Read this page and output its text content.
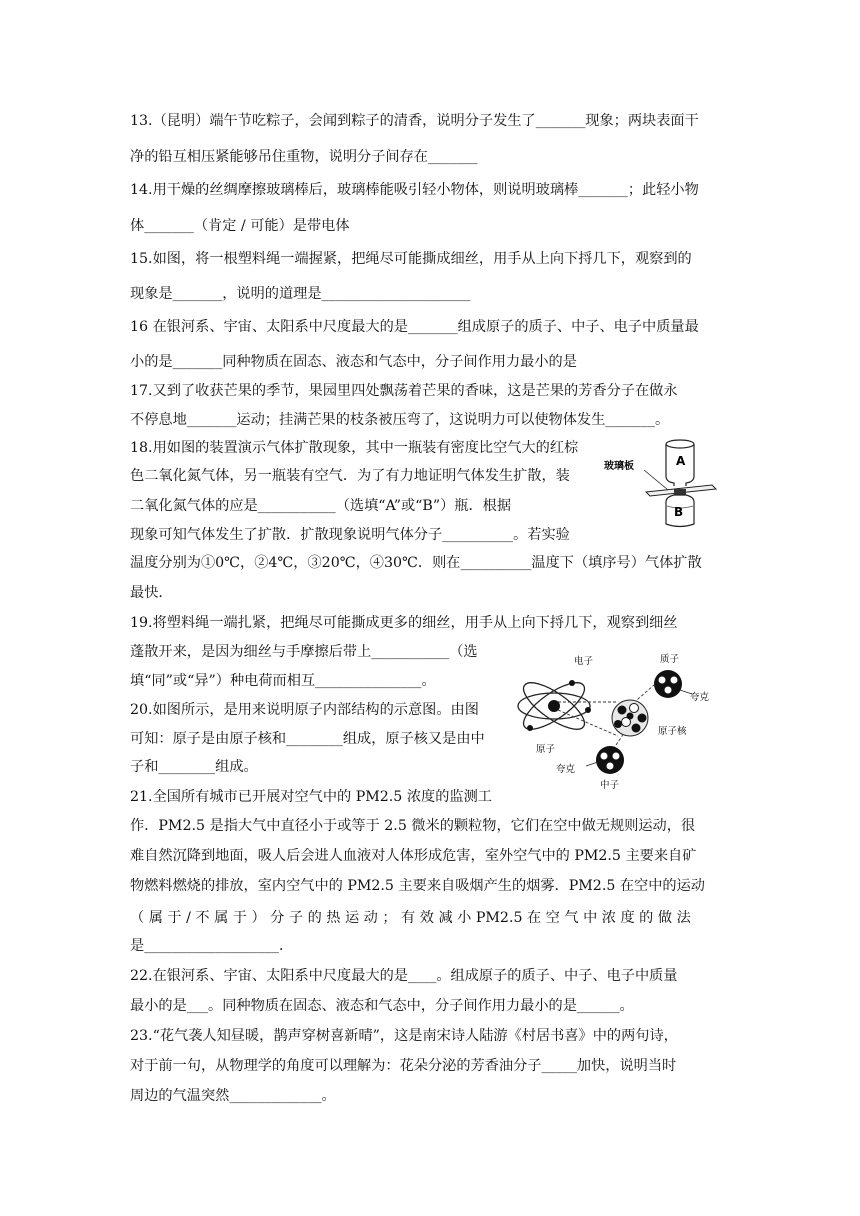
13.（昆明）端午节吃粽子，会闻到粽子的清香，说明分子发生了_______现象；两块表面干
净的铅互相压紧能够吊住重物，说明分子间存在_______
14.用干燥的丝绸摩擦玻璃棒后，玻璃棒能吸引轻小物体，则说明玻璃棒_______；此轻小物
体_______（肯定 / 可能）是带电体
15.如图，将一根塑料绳一端握紧，把绳尽可能撕成细丝，用手从上向下捋几下，观察到的
现象是_______，说明的道理是_____________________
16 在银河系、宇宙、太阳系中尺度最大的是_______组成原子的质子、中子、电子中质量最
小的是_______同种物质在固态、液态和气态中，分子间作用力最小的是
17.又到了收获芒果的季节，果园里四处飘荡着芒果的香味，这是芒果的芳香分子在做永
不停息地_______运动；挂满芒果的枝条被压弯了，这说明力可以使物体发生_______。
18.用如图的装置演示气体扩散现象，其中一瓶装有密度比空气大的红棕
色二氧化氮气体，另一瓶装有空气．为了有力地证明气体发生扩散，装
二氧化氮气体的应是___________（选填“A”或“B”）瓶．根据
现象可知气体发生了扩散．扩散现象说明气体分子__________。若实验
温度分别为①0℃，②4℃，③20℃，④30℃．则在__________温度下（填序号）气体扩散
最快．
19.将塑料绳一端扎紧，把绳尽可能撕成更多的细丝，用手从上向下捋几下，观察到细丝
蓬散开来，是因为细丝与手摩擦后带上___________（选
填“同”或“异”）种电荷而相互_______________。
20.如图所示，是用来说明原子内部结构的示意图。由图
可知：原子是由原子核和________组成，原子核又是由中
子和________组成。
21.全国所有城市已开展对空气中的 PM2.5 浓度的监测工
作．PM2.5 是指大气中直径小于或等于 2.5 微米的颗粒物，它们在空中做无规则运动，很
难自然沉降到地面，吸人后会进人血液对人体形成危害，室外空气中的 PM2.5 主要来自矿
物燃料燃烧的排放，室内空气中的 PM2.5 主要来自吸烟产生的烟雾．PM2.5 在空中的运动
（ 属 于 / 不 属 于 ） 分 子 的 热 运 动 ； 有 效 减 小 PM2.5 在 空 气 中 浓 度 的 做 法
是___________________．
22.在银河系、宇宙、太阳系中尺度最大的是____。组成原子的质子、中子、电子中质量
最小的是___。同种物质在固态、液态和气态中，分子间作用力最小的是______。
23.“花气袭人知昼暖，鹊声穿树喜新晴”，这是南宋诗人陆游《村居书喜》中的两句诗，
对于前一句，从物理学的角度可以理解为：花朵分泌的芳香油分子_____加快，说明当时
周边的气温突然_____________。
玻璃板	A
B
电子	质子
夸克
原子核
原子
夸克
中子
